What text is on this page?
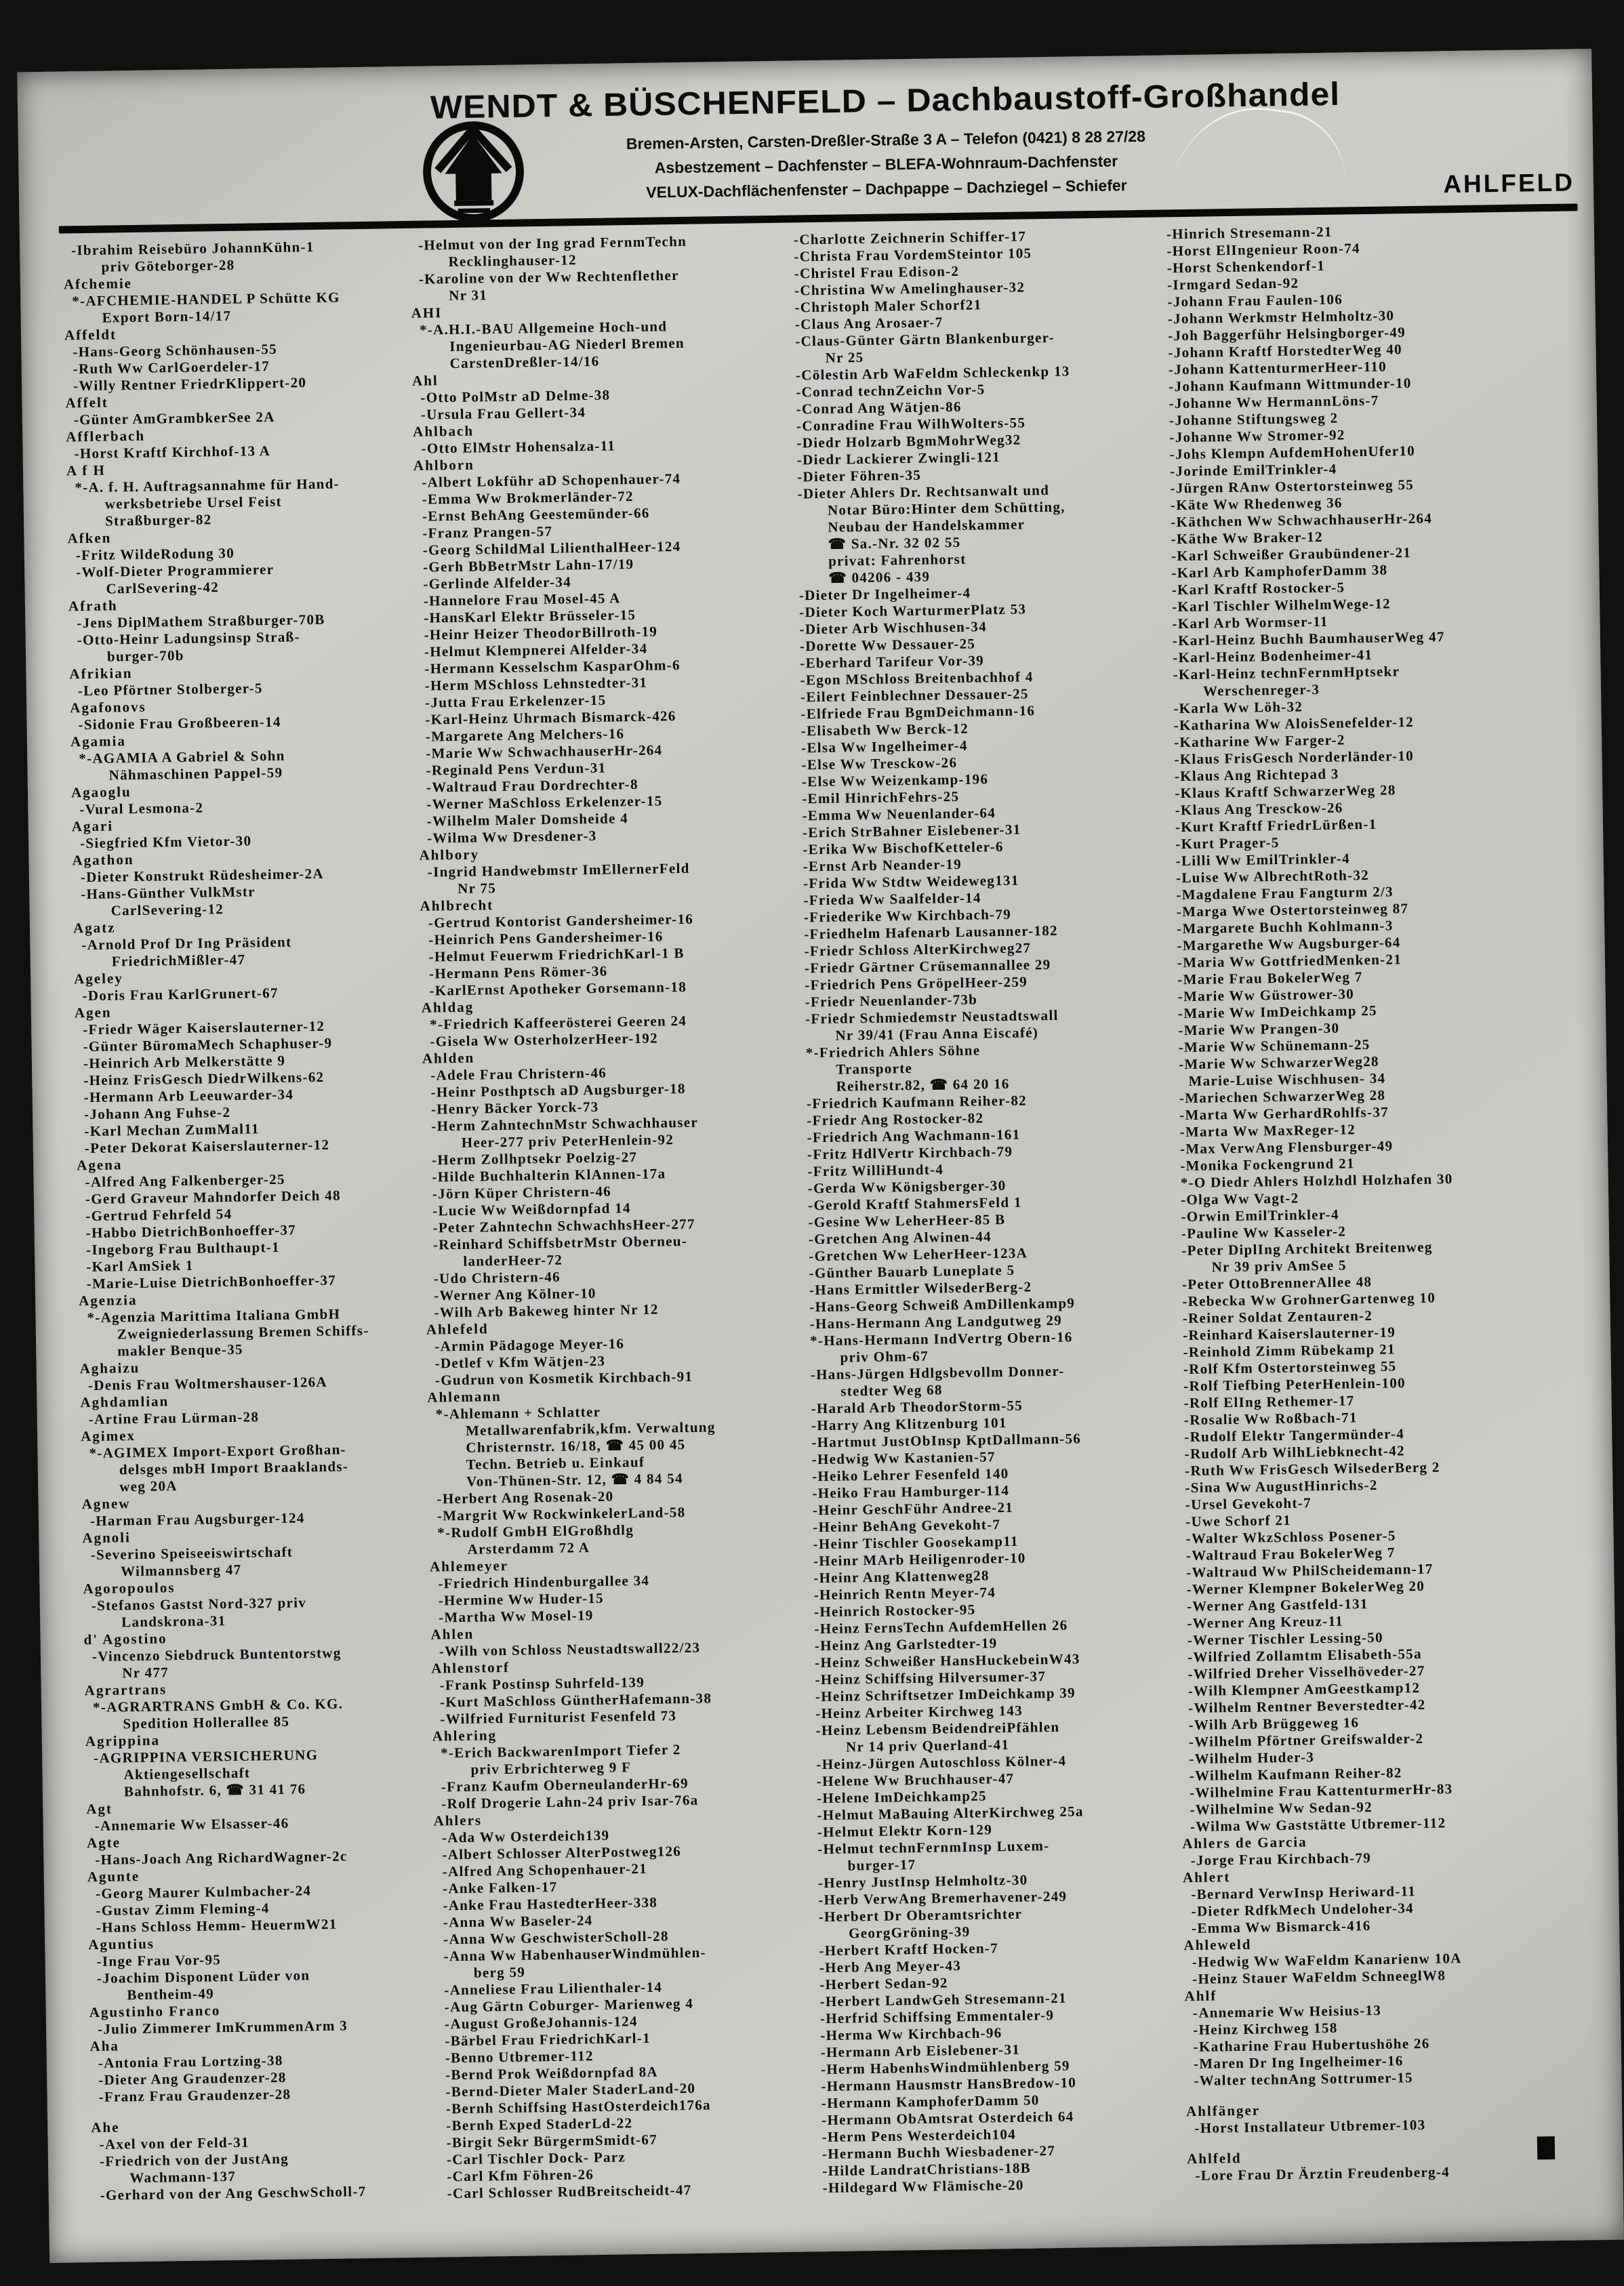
WENDT & BÜSCHENFELD – Dachbaustoff-Großhandel
Bremen-Arsten, Carsten-Dreßler-Straße 3 A – Telefon (0421) 8 28 27/28
Asbestzement – Dachfenster – BLEFA-Wohnraum-Dachfenster
VELUX-Dachflächenfenster – Dachpappe – Dachziegel – Schiefer	AHLFELD
-Ibrahim Reisebüro JohannKühn-1
priv Göteborger-28
Afchemie
*-AFCHEMIE-HANDEL P Schütte KG
Export Born-14/17
Affeldt
-Hans-Georg Schönhausen-55
-Ruth Ww CarlGoerdeler-17
-Willy Rentner FriedrKlippert-20
Affelt
-Günter AmGrambkerSee 2A
Afflerbach
-Horst Kraftf Kirchhof-13 A
A f H
*-A. f. H. Auftragsannahme für Hand-
werksbetriebe Ursel Feist
Straßburger-82
Afken
-Fritz WildeRodung 30
-Wolf-Dieter Programmierer
CarlSevering-42
Afrath
-Jens DiplMathem Straßburger-70B
-Otto-Heinr Ladungsinsp Straß-
burger-70b
Afrikian
-Leo Pförtner Stolberger-5
Agafonovs
-Sidonie Frau Großbeeren-14
Agamia
*-AGAMIA A Gabriel & Sohn
Nähmaschinen Pappel-59
Agaoglu
-Vural Lesmona-2
Agari
-Siegfried Kfm Vietor-30
Agathon
-Dieter Konstrukt Rüdesheimer-2A
-Hans-Günther VulkMstr
CarlSevering-12
Agatz
-Arnold Prof Dr Ing Präsident
FriedrichMißler-47
Ageley
-Doris Frau KarlGrunert-67
Agen
-Friedr Wäger Kaiserslauterner-12
-Günter BüromaMech Schaphuser-9
-Heinrich Arb Melkerstätte 9
-Heinz FrisGesch DiedrWilkens-62
-Hermann Arb Leeuwarder-34
-Johann Ang Fuhse-2
-Karl Mechan ZumMal11
-Peter Dekorat Kaiserslauterner-12
Agena
-Alfred Ang Falkenberger-25
-Gerd Graveur Mahndorfer Deich 48
-Gertrud Fehrfeld 54
-Habbo DietrichBonhoeffer-37
-Ingeborg Frau Bulthaupt-1
-Karl AmSiek 1
-Marie-Luise DietrichBonhoeffer-37
Agenzia
*-Agenzia Marittima Italiana GmbH
Zweigniederlassung Bremen Schiffs-
makler Benque-35
Aghaizu
-Denis Frau Woltmershauser-126A
Aghdamlian
-Artine Frau Lürman-28
Agimex
*-AGIMEX Import-Export Großhan-
delsges mbH Import Braaklands-
weg 20A
Agnew
-Harman Frau Augsburger-124
Agnoli
-Severino Speiseeiswirtschaft
Wilmannsberg 47
Agoropoulos
-Stefanos Gastst Nord-327 priv
Landskrona-31
d' Agostino
-Vincenzo Siebdruck Buntentorstwg
Nr 477
Agrartrans
*-AGRARTRANS GmbH & Co. KG.
Spedition Hollerallee 85
Agrippina
-AGRIPPINA VERSICHERUNG
Aktiengesellschaft
Bahnhofstr. 6, ☎ 31 41 76
Agt
-Annemarie Ww Elsasser-46
Agte
-Hans-Joach Ang RichardWagner-2c
Agunte
-Georg Maurer Kulmbacher-24
-Gustav Zimm Fleming-4
-Hans Schloss Hemm- HeuermW21
Aguntius
-Inge Frau Vor-95
-Joachim Disponent Lüder von
Bentheim-49
Agustinho Franco
-Julio Zimmerer ImKrummenArm 3
Aha
-Antonia Frau Lortzing-38
-Dieter Ang Graudenzer-28
-Franz Frau Graudenzer-28

Ahe
-Axel von der Feld-31
-Friedrich von der JustAng
Wachmann-137
-Gerhard von der Ang GeschwScholl-7
-Helmut von der Ing grad FernmTechn
Recklinghauser-12
-Karoline von der Ww Rechtenflether
Nr 31
AHI
*-A.H.I.-BAU Allgemeine Hoch-und
Ingenieurbau-AG Niederl Bremen
CarstenDreßler-14/16
Ahl
-Otto PolMstr aD Delme-38
-Ursula Frau Gellert-34
Ahlbach
-Otto ElMstr Hohensalza-11
Ahlborn
-Albert Lokführ aD Schopenhauer-74
-Emma Ww Brokmerländer-72
-Ernst BehAng Geestemünder-66
-Franz Prangen-57
-Georg SchildMal LilienthalHeer-124
-Gerh BbBetrMstr Lahn-17/19
-Gerlinde Alfelder-34
-Hannelore Frau Mosel-45 A
-HansKarl Elektr Brüsseler-15
-Heinr Heizer TheodorBillroth-19
-Helmut Klempnerei Alfelder-34
-Hermann Kesselschm KasparOhm-6
-Herm MSchloss Lehnstedter-31
-Jutta Frau Erkelenzer-15
-Karl-Heinz Uhrmach Bismarck-426
-Margarete Ang Melchers-16
-Marie Ww SchwachhauserHr-264
-Reginald Pens Verdun-31
-Waltraud Frau Dordrechter-8
-Werner MaSchloss Erkelenzer-15
-Wilhelm Maler Domsheide 4
-Wilma Ww Dresdener-3
Ahlbory
-Ingrid Handwebmstr ImEllernerFeld
Nr 75
Ahlbrecht
-Gertrud Kontorist Gandersheimer-16
-Heinrich Pens Gandersheimer-16
-Helmut Feuerwm FriedrichKarl-1 B
-Hermann Pens Römer-36
-KarlErnst Apotheker Gorsemann-18
Ahldag
*-Friedrich Kaffeerösterei Geeren 24
-Gisela Ww OsterholzerHeer-192
Ahlden
-Adele Frau Christern-46
-Heinr Posthptsch aD Augsburger-18
-Henry Bäcker Yorck-73
-Herm ZahntechnMstr Schwachhauser
Heer-277 priv PeterHenlein-92
-Herm Zollhptsekr Poelzig-27
-Hilde Buchhalterin KlAnnen-17a
-Jörn Küper Christern-46
-Lucie Ww Weißdornpfad 14
-Peter Zahntechn SchwachhsHeer-277
-Reinhard SchiffsbetrMstr Oberneu-
landerHeer-72
-Udo Christern-46
-Werner Ang Kölner-10
-Wilh Arb Bakeweg hinter Nr 12
Ahlefeld
-Armin Pädagoge Meyer-16
-Detlef v Kfm Wätjen-23
-Gudrun von Kosmetik Kirchbach-91
Ahlemann
*-Ahlemann + Schlatter
Metallwarenfabrik,kfm. Verwaltung
Christernstr. 16/18, ☎ 45 00 45
Techn. Betrieb u. Einkauf
Von-Thünen-Str. 12, ☎ 4 84 54
-Herbert Ang Rosenak-20
-Margrit Ww RockwinkelerLand-58
*-Rudolf GmbH ElGroßhdlg
Arsterdamm 72 A
Ahlemeyer
-Friedrich Hindenburgallee 34
-Hermine Ww Huder-15
-Martha Ww Mosel-19
Ahlen
-Wilh von Schloss Neustadtswall22/23
Ahlenstorf
-Frank Postinsp Suhrfeld-139
-Kurt MaSchloss GüntherHafemann-38
-Wilfried Furniturist Fesenfeld 73
Ahlering
*-Erich BackwarenImport Tiefer 2
priv Erbrichterweg 9 F
-Franz Kaufm OberneulanderHr-69
-Rolf Drogerie Lahn-24 priv Isar-76a
Ahlers
-Ada Ww Osterdeich139
-Albert Schlosser AlterPostweg126
-Alfred Ang Schopenhauer-21
-Anke Falken-17
-Anke Frau HastedterHeer-338
-Anna Ww Baseler-24
-Anna Ww GeschwisterScholl-28
-Anna Ww HabenhauserWindmühlen-
berg 59
-Anneliese Frau Lilienthaler-14
-Aug Gärtn Coburger- Marienweg 4
-August GroßeJohannis-124
-Bärbel Frau FriedrichKarl-1
-Benno Utbremer-112
-Bernd Prok Weißdornpfad 8A
-Bernd-Dieter Maler StaderLand-20
-Bernh Schiffsing HastOsterdeich176a
-Bernh Exped StaderLd-22
-Birgit Sekr BürgermSmidt-67
-Carl Tischler Dock- Parz
-Carl Kfm Föhren-26
-Carl Schlosser RudBreitscheidt-47
-Charlotte Zeichnerin Schiffer-17
-Christa Frau VordemSteintor 105
-Christel Frau Edison-2
-Christina Ww Amelinghauser-32
-Christoph Maler Schorf21
-Claus Ang Arosaer-7
-Claus-Günter Gärtn Blankenburger-
Nr 25
-Cölestin Arb WaFeldm Schleckenkp 13
-Conrad technZeichn Vor-5
-Conrad Ang Wätjen-86
-Conradine Frau WilhWolters-55
-Diedr Holzarb BgmMohrWeg32
-Diedr Lackierer Zwingli-121
-Dieter Föhren-35
-Dieter Ahlers Dr. Rechtsanwalt und
Notar Büro:Hinter dem Schütting,
Neubau der Handelskammer
☎ Sa.-Nr. 32 02 55
privat: Fahrenhorst
☎ 04206 - 439
-Dieter Dr Ingelheimer-4
-Dieter Koch WarturmerPlatz 53
-Dieter Arb Wischhusen-34
-Dorette Ww Dessauer-25
-Eberhard Tarifeur Vor-39
-Egon MSchloss Breitenbachhof 4
-Eilert Feinblechner Dessauer-25
-Elfriede Frau BgmDeichmann-16
-Elisabeth Ww Berck-12
-Elsa Ww Ingelheimer-4
-Else Ww Tresckow-26
-Else Ww Weizenkamp-196
-Emil HinrichFehrs-25
-Emma Ww Neuenlander-64
-Erich StrBahner Eislebener-31
-Erika Ww BischofKetteler-6
-Ernst Arb Neander-19
-Frida Ww Stdtw Weideweg131
-Frieda Ww Saalfelder-14
-Friederike Ww Kirchbach-79
-Friedhelm Hafenarb Lausanner-182
-Friedr Schloss AlterKirchweg27
-Friedr Gärtner Crüsemannallee 29
-Friedrich Pens GröpelHeer-259
-Friedr Neuenlander-73b
-Friedr Schmiedemstr Neustadtswall
Nr 39/41 (Frau Anna Eiscafé)
*-Friedrich Ahlers Söhne
Transporte
Reiherstr.82, ☎ 64 20 16
-Friedrich Kaufmann Reiher-82
-Friedr Ang Rostocker-82
-Friedrich Ang Wachmann-161
-Fritz HdlVertr Kirchbach-79
-Fritz WilliHundt-4
-Gerda Ww Königsberger-30
-Gerold Kraftf StahmersFeld 1
-Gesine Ww LeherHeer-85 B
-Gretchen Ang Alwinen-44
-Gretchen Ww LeherHeer-123A
-Günther Bauarb Luneplate 5
-Hans Ermittler WilsederBerg-2
-Hans-Georg Schweiß AmDillenkamp9
-Hans-Hermann Ang Landgutweg 29
*-Hans-Hermann IndVertrg Obern-16
priv Ohm-67
-Hans-Jürgen Hdlgsbevollm Donner-
stedter Weg 68
-Harald Arb TheodorStorm-55
-Harry Ang Klitzenburg 101
-Hartmut JustObInsp KptDallmann-56
-Hedwig Ww Kastanien-57
-Heiko Lehrer Fesenfeld 140
-Heiko Frau Hamburger-114
-Heinr GeschFühr Andree-21
-Heinr BehAng Gevekoht-7
-Heinr Tischler Goosekamp11
-Heinr MArb Heiligenroder-10
-Heinr Ang Klattenweg28
-Heinrich Rentn Meyer-74
-Heinrich Rostocker-95
-Heinz FernsTechn AufdemHellen 26
-Heinz Ang Garlstedter-19
-Heinz Schweißer HansHuckebeinW43
-Heinz Schiffsing Hilversumer-37
-Heinz Schriftsetzer ImDeichkamp 39
-Heinz Arbeiter Kirchweg 143
-Heinz Lebensm BeidendreiPfählen
Nr 14 priv Querland-41
-Heinz-Jürgen Autoschloss Kölner-4
-Helene Ww Bruchhauser-47
-Helene ImDeichkamp25
-Helmut MaBauing AlterKirchweg 25a
-Helmut Elektr Korn-129
-Helmut technFernmInsp Luxem-
burger-17
-Henry JustInsp Helmholtz-30
-Herb VerwAng Bremerhavener-249
-Herbert Dr Oberamtsrichter
GeorgGröning-39
-Herbert Kraftf Hocken-7
-Herb Ang Meyer-43
-Herbert Sedan-92
-Herbert LandwGeh Stresemann-21
-Herfrid Schiffsing Emmentaler-9
-Herma Ww Kirchbach-96
-Hermann Arb Eislebener-31
-Herm HabenhsWindmühlenberg 59
-Hermann Hausmstr HansBredow-10
-Hermann KamphoferDamm 50
-Hermann ObAmtsrat Osterdeich 64
-Herm Pens Westerdeich104
-Hermann Buchh Wiesbadener-27
-Hilde LandratChristians-18B
-Hildegard Ww Flämische-20
-Hinrich Stresemann-21
-Horst ElIngenieur Roon-74
-Horst Schenkendorf-1
-Irmgard Sedan-92
-Johann Frau Faulen-106
-Johann Werkmstr Helmholtz-30
-Joh Baggerführ Helsingborger-49
-Johann Kraftf HorstedterWeg 40
-Johann KattenturmerHeer-110
-Johann Kaufmann Wittmunder-10
-Johanne Ww HermannLöns-7
-Johanne Stiftungsweg 2
-Johanne Ww Stromer-92
-Johs Klempn AufdemHohenUfer10
-Jorinde EmilTrinkler-4
-Jürgen RAnw Ostertorsteinweg 55
-Käte Ww Rhedenweg 36
-Käthchen Ww SchwachhauserHr-264
-Käthe Ww Braker-12
-Karl Schweißer Graubündener-21
-Karl Arb KamphoferDamm 38
-Karl Kraftf Rostocker-5
-Karl Tischler WilhelmWege-12
-Karl Arb Wormser-11
-Karl-Heinz Buchh BaumhauserWeg 47
-Karl-Heinz Bodenheimer-41
-Karl-Heinz technFernmHptsekr
Werschenreger-3
-Karla Ww Löh-32
-Katharina Ww AloisSenefelder-12
-Katharine Ww Farger-2
-Klaus FrisGesch Norderländer-10
-Klaus Ang Richtepad 3
-Klaus Kraftf SchwarzerWeg 28
-Klaus Ang Tresckow-26
-Kurt Kraftf FriedrLürßen-1
-Kurt Prager-5
-Lilli Ww EmilTrinkler-4
-Luise Ww AlbrechtRoth-32
-Magdalene Frau Fangturm 2/3
-Marga Wwe Ostertorsteinweg 87
-Margarete Buchh Kohlmann-3
-Margarethe Ww Augsburger-64
-Maria Ww GottfriedMenken-21
-Marie Frau BokelerWeg 7
-Marie Ww Güstrower-30
-Marie Ww ImDeichkamp 25
-Marie Ww Prangen-30
-Marie Ww Schünemann-25
-Marie Ww SchwarzerWeg28
Marie-Luise Wischhusen- 34
-Mariechen SchwarzerWeg 28
-Marta Ww GerhardRohlfs-37
-Marta Ww MaxReger-12
-Max VerwAng Flensburger-49
-Monika Fockengrund 21
*-O Diedr Ahlers Holzhdl Holzhafen 30
-Olga Ww Vagt-2
-Orwin EmilTrinkler-4
-Pauline Ww Kasseler-2
-Peter DiplIng Architekt Breitenweg
Nr 39 priv AmSee 5
-Peter OttoBrennerAllee 48
-Rebecka Ww GrohnerGartenweg 10
-Reiner Soldat Zentauren-2
-Reinhard Kaiserslauterner-19
-Reinhold Zimm Rübekamp 21
-Rolf Kfm Ostertorsteinweg 55
-Rolf Tiefbing PeterHenlein-100
-Rolf ElIng Rethemer-17
-Rosalie Ww Roßbach-71
-Rudolf Elektr Tangermünder-4
-Rudolf Arb WilhLiebknecht-42
-Ruth Ww FrisGesch WilsederBerg 2
-Sina Ww AugustHinrichs-2
-Ursel Gevekoht-7
-Uwe Schorf 21
-Walter WkzSchloss Posener-5
-Waltraud Frau BokelerWeg 7
-Waltraud Ww PhilScheidemann-17
-Werner Klempner BokelerWeg 20
-Werner Ang Gastfeld-131
-Werner Ang Kreuz-11
-Werner Tischler Lessing-50
-Wilfried Zollamtm Elisabeth-55a
-Wilfried Dreher Visselhöveder-27
-Wilh Klempner AmGeestkamp12
-Wilhelm Rentner Beverstedter-42
-Wilh Arb Brüggeweg 16
-Wilhelm Pförtner Greifswalder-2
-Wilhelm Huder-3
-Wilhelm Kaufmann Reiher-82
-Wilhelmine Frau KattenturmerHr-83
-Wilhelmine Ww Sedan-92
-Wilma Ww Gaststätte Utbremer-112
Ahlers de Garcia
-Jorge Frau Kirchbach-79
Ahlert
-Bernard VerwInsp Heriward-11
-Dieter RdfkMech Undeloher-34
-Emma Ww Bismarck-416
Ahleweld
-Hedwig Ww WaFeldm Kanarienw 10A
-Heinz Stauer WaFeldm SchneeglW8
Ahlf
-Annemarie Ww Heisius-13
-Heinz Kirchweg 158
-Katharine Frau Hubertushöhe 26
-Maren Dr Ing Ingelheimer-16
-Walter technAng Sottrumer-15

Ahlfänger
-Horst Installateur Utbremer-103

Ahlfeld
-Lore Frau Dr Ärztin Freudenberg-4
